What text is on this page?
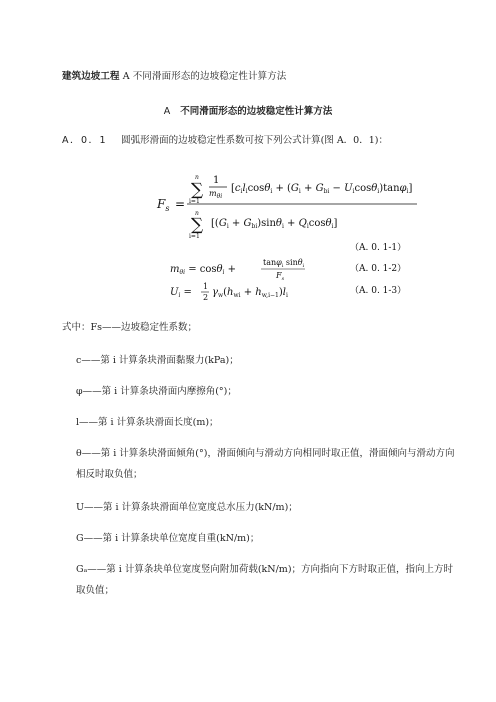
建筑边坡工程 A 不同滑面形态的边坡稳定性计算方法
A 不同滑面形态的边坡稳定性计算方法
A．0．1 圆弧形滑面的边坡稳定性系数可按下列公式计算(图 A．0．1)：
$F_s$ =
n
∑
i=1
1
$m_{\theta i}$
$[c_il_i\cos\theta_i + (G_i + G_{bi} - U_i\cos\theta_i)\tan\varphi_i]$
n
∑
i=1
$[(G_i + G_{bi})\sin\theta_i + Q_i\cos\theta_i]$
（A. 0. 1-1）
$m_{\theta i} = \cos\theta_i$ +
tanφ$_i$ sinθ$_i$
$F_s$
（A. 0. 1-2）
$U_i$ =
1
2 $\gamma_w(h_{wi} + h_{w,i-1})l_i$	（A. 0. 1-3）
式中：Fs——边坡稳定性系数；
c——第 i 计算条块滑面黏聚力(kPa)；
φ——第 i 计算条块滑面内摩擦角(°)；
l——第 i 计算条块滑面长度(m)；
θ——第 i 计算条块滑面倾角(°)，滑面倾向与滑动方向相同时取正值，滑面倾向与滑动方向相反时取负值；
U——第 i 计算条块滑面单位宽度总水压力(kN/m)；
G——第 i 计算条块单位宽度自重(kN/m)；
Gₐ——第 i 计算条块单位宽度竖向附加荷载(kN/m)；方向指向下方时取正值，指向上方时取负值；
